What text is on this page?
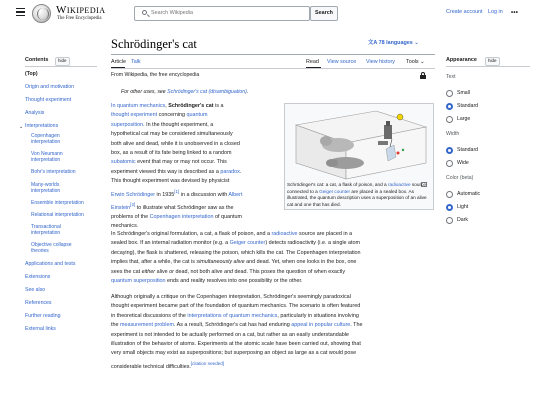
Wikipedia
The Free Encyclopedia
Search Wikipedia
Search	Create account Log in •••
Schrödinger's cat	文A 78 languages ⌄
Contents	hide
(Top)
Origin and motivation
Thought experiment
Analysis
⌄ Interpretations
Copenhagen interpretation
Von Neumann interpretation
Bohr's interpretation
Many-worlds interpretation
Ensemble interpretation
Relational interpretation
Transactional interpretation
Objective collapse theories
Applications and tests
Extensions
See also
References
Further reading
External links
Article Talk	Read View source View history Tools ⌄	Appearance	hide
Text
Small
Standard
Large
Width
Standard
Wide
Color (beta)
Automatic
Light
Dark
From Wikipedia, the free encyclopedia
For other uses, see Schrödinger's cat (disambiguation).
In quantum mechanics, Schrödinger's cat is a
thought experiment concerning quantum
superposition. In the thought experiment, a
hypothetical cat may be considered simultaneously
both alive and dead, while it is unobserved in a closed
box, as a result of its fate being linked to a random
subatomic event that may or may not occur. This
experiment viewed this way is described as a paradox.
This thought experiment was devised by physicist
Erwin Schrödinger in 1935[1] in a discussion with Albert
Einstein[2] to illustrate what Schrödinger saw as the
problems of the Copenhagen interpretation of quantum
mechanics.
Schrödinger's cat: a cat, a flask of poison, and a radioactive source connected to a Geiger counter are placed in a sealed box. As illustrated, the quantum description uses a superposition of an alive cat and one that has died.
In Schrödinger's original formulation, a cat, a flask of poison, and a radioactive source are placed in a
sealed box. If an internal radiation monitor (e.g. a Geiger counter) detects radioactivity (i.e. a single atom
decaying), the flask is shattered, releasing the poison, which kills the cat. The Copenhagen interpretation
implies that, after a while, the cat is simultaneously alive and dead. Yet, when one looks in the box, one
sees the cat either alive or dead, not both alive and dead. This poses the question of when exactly
quantum superposition ends and reality resolves into one possibility or the other.
Although originally a critique on the Copenhagen interpretation, Schrödinger's seemingly paradoxical
thought experiment became part of the foundation of quantum mechanics. The scenario is often featured
in theoretical discussions of the interpretations of quantum mechanics, particularly in situations involving
the measurement problem. As a result, Schrödinger's cat has had enduring appeal in popular culture. The
experiment is not intended to be actually performed on a cat, but rather as an easily understandable
illustration of the behavior of atoms. Experiments at the atomic scale have been carried out, showing that
very small objects may exist as superpositions; but superposing an object as large as a cat would pose
considerable technical difficulties.[citation needed]
